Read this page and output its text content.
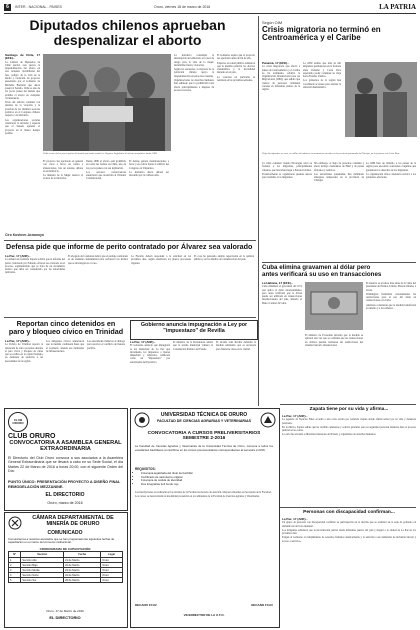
6	INTER - NACIONAL - PAISES	Oruro, viernes 18 de marzo de 2016	LA PATRIA
Diputados chilenos aprueban
despenalizar el aborto
Santiago de Chile, 17 (EFE).-

La Cámara de Diputados de Chile aprobó este jueves la despenalización del aborto en tres causales: inviabilidad del feto, peligro de la vida de la madre y violación, un proyecto presentado por el Gobierno de Michelle Bachelet que ahora pasará al Senado. Chile es uno de los pocos países del mundo que prohíbe el aborto en cualquier circunstancia.

Texto del artículo continúa con detalles de la votación y la posición de los distintos sectores políticos en el Congreso chileno respecto a la iniciativa.

Las organizaciones sociales celebraron la decisión y esperan que el Senado apruebe el proyecto en el menor tiempo posible.

Chile es uno de los pocos países del mundo que tenía vetado los Organos Legislativo el aborto terapéutico desde 1989.

El proyecto fue aprobado en general con votos a favor, en contra y abstenciones, tras un extenso debate en el hemiciclo.

La ministra de la Mujer destacó el avance de la iniciativa.

Desde 1989 el aborto está prohibido en todas sus formas en Chile, uno de los pocos países con esa legislación.

Los sectores conservadores anunciaron que recurrirán al Tribunal Constitucional.

El debate generó manifestaciones a favor y en contra frente al edificio del Congreso en Valparaíso.

La iniciativa ahora deberá ser discutida por la Cámara Alta.

La iniciativa contempla la interrupción del embarazo en casos de riesgo para la vida de la mujer, inviabilidad fetal y violación.

Según las encuestas, la mayoría de la población chilena apoya la despenalización en estas tres causales.

Organizaciones de derechos humanos han señalado que la prohibición total afecta principalmente a mujeres de escasos recursos.

El Gobierno espera que el proyecto sea aprobado antes de fin de año.

Expertos en salud pública señalaron que la medida reducirá los abortos clandestinos y la mortalidad materna en el país.

La votación en particular se realizará en las próximas semanas.

Ciro Kushner-Arzamoyo
Defensa pide que informe de perito contratado por Álvarez sea valorado
La Paz, 17 (ANF).-

La defensa de Gabriela Zapata solicitó que el informe del perito contratado por Eduardo Álvarez sea valorado en el proceso, argumentando que se trata de un documento técnico que debe ser considerado por las autoridades judiciales.

El abogado de la defensa indicó que el peritaje contratado es un elemento fundamental para esclarecer los hechos que se investigan en el caso.

La Fiscalía deberá responder a la solicitud en los próximos días, según establecen los plazos procesales vigentes.

El caso ha generado amplia repercusión en la opinión pública y en los medios de comunicación del país.

Reportan cinco detenidos en
paro y bloqueo cívico en Trinidad
La Paz, 17 (ANF).-

La Policía de Trinidad reportó la detención de cinco personas durante el paro cívico y bloqueo de calles que se realiza en la capital beniana, en demanda de atención a las necesidades de la región.

Los dirigentes cívicos anunciaron que la medida continuará hasta que el Gobierno atienda sus demandas de infraestructura.

Las autoridades llamaron al diálogo para resolver el conflicto de manera pacífica.

Gobierno anuncia impugnación a Ley por "impuestazo" de Revilla
La Paz, 17 (ANF).-

El Gobierno anunció que impugnará la ley municipal de La Paz que incrementa los impuestos a bienes inmuebles y vehículos, calificada como un "impuestazo" por autoridades del Ejecutivo.

El ministro de la Presidencia señaló que la norma municipal vulnera la Constitución Política del Estado.

El alcalde Luis Revilla defendió la medida señalando que es necesaria para financiar obras en la ciudad.

CLUB ORURO
CLUB ORURO
CONVOCATORIA A ASAMBLEA GENERAL EXTRAORDINARIA
El Directorio del Club Oruro convoca a sus asociados a la Asamblea General Extraordinaria que se llevará a cabo en su Sede Social, el día Martes 22 de Marzo de 2016 a horas 20:00, con el siguiente Orden del Día:
PUNTO ÚNICO: PRESENTACIÓN PROYECTO A DISEÑO FINAL REMODELACIÓN MEZZANINE.
EL DIRECTORIO
Oruro, marzo de 2016
CÁMARA DEPARTAMENTAL DE
MINERÍA DE ORURO
COMUNICADO
Comunicamos a nuestros asociados que se han programado las siguientes fechas de capacitación en el marco del convenio institucional.
CRONOGRAMA DE CAPACITACIÓN
Nº	Sección	Fecha	Lugar
1	Sección Alto	21 de Marzo	Oruro
2	Sección Bajo	22 de Marzo	Oruro
3	Sección Media	23 de Marzo	Oruro
4	Sección Norte	24 de Marzo	Oruro
5	Sección Sur	28 de Marzo	Oruro
Oruro, 17 de Marzo de 2016
EL DIRECTORIO
UNIVERSIDAD TÉCNICA DE ORURO
FACULTAD DE CIENCIAS AGRARIAS Y VETERINARIAS
CONVOCATORIA A CURSOS PRELIVERSITARIOS SEMESTRE 2-2016
La Facultad de Ciencias Agrarias y Veterinarias de la Universidad Técnica de Oruro, convoca a todos los estudiantes bachilleres a inscribirse en los cursos preuniversitarios correspondientes al semestre 2-2016.
REQUISITOS:
• Fotocopia legalizada del título de bachiller
• Certificado de nacimiento original
• Fotocopia de cédula de identidad
• Dos fotografías 4x4 fondo rojo

Las inscripciones se realizarán en las oficinas de la Facultad en horario de atención. Mayores informes en Secretaría de la Facultad.

Los cursos se desarrollarán en modalidad presencial en los ambientes de la Facultad de Ciencias Agrarias y Veterinarias.

DECANO FCAV	DECANO FCAV
VICERRECTOR DE LA U.T.O.
Según OIM
Crisis migratoria no terminó en Centroamérica y el Caribe
Panamá, 17 (EFE).-

La crisis migratoria que afectó a países de Centroamérica y el Caribe no ha terminado, advirtió la Organización Internacional para las Migraciones (OIM), que señaló que cientos de personas continúan varadas en diferentes puntos de la región.

La OIM estima que más de mil migrantes permanecen en la frontera entre Panamá y Costa Rica esperando poder continuar su viaje hacia Estados Unidos.

Los gobiernos de la región han coordinado acciones para atender la situación humanitaria.

Flujo de migrantes no cesa, un millar de haitianos se encuentran varados en la provincia panameña de Chiriquí, en la frontera con Costa Rica.

La crisis comenzó cuando Nicaragua cerró su frontera a los migrantes, principalmente cubanos, que buscaban llegar a Estados Unidos.

Posteriormente se organizaron puentes aéreos para trasladar a los migrantes.

Sin embargo, el flujo de personas continúa y ahora incluye ciudadanos de Haití y de países africanos y asiáticos.

Las autoridades panameñas han habilitado albergues temporales en la provincia de Chiriquí.

La OIM hizo un llamado a los países de la región para encontrar soluciones conjuntas que garanticen los derechos de los migrantes.

La organización ofrece asistencia técnica a los gobiernos afectados.

Cuba elimina gravamen al dólar pero
antes verificará su uso en transacciones
La Habana, 17 (EFE).-

Cuba eliminará el gravamen del 10% que aplica al dólar estadounidense, pero antes verificará que la divisa pueda ser utilizada en transacciones internacionales del país, anunció el Banco Central de Cuba.

El ministro de Economía informó que la medida se aplicará una vez que se confirme que las transacciones en dólares pueden realizarse sin restricciones del sistema bancario internacional.

El anuncio se produce días antes de la visita del presidente de Estados Unidos, Barack Obama, a la isla.

Washington flexibilizó recientemente las restricciones para el uso del dólar en transacciones con Cuba.

Analistas consideran que la medida beneficiará al turismo y a las remesas.

Zapata tiene por su vida y afirma...
La Paz, 17 (ANF).-

La Agencia de Noticias Fides accedió a una carta escrita por Gabriela Zapata donde afirma temer por su vida y denuncia presiones.

En la misiva, Zapata señala que ha recibido amenazas y solicita garantías para su seguridad personal mientras dure el proceso judicial en su contra.

La carta fue enviada a diferentes instancias del Estado y organismos de derechos humanos.

Personas con discapacidad confirman...
La Paz, 17 (ANF).-

Un grupo de personas con discapacidad confirmó su participación en la marcha que se realizará en la sede de gobierno en demanda de un bono mensual.

Los dirigentes señalaron que la movilización partirá desde diferentes puntos del país y llegará a la ciudad de La Paz en los próximos días.

Exigen al Gobierno el cumplimiento de acuerdos firmados anteriormente y la atención a sus demandas de inclusión laboral y acceso a servicios.
